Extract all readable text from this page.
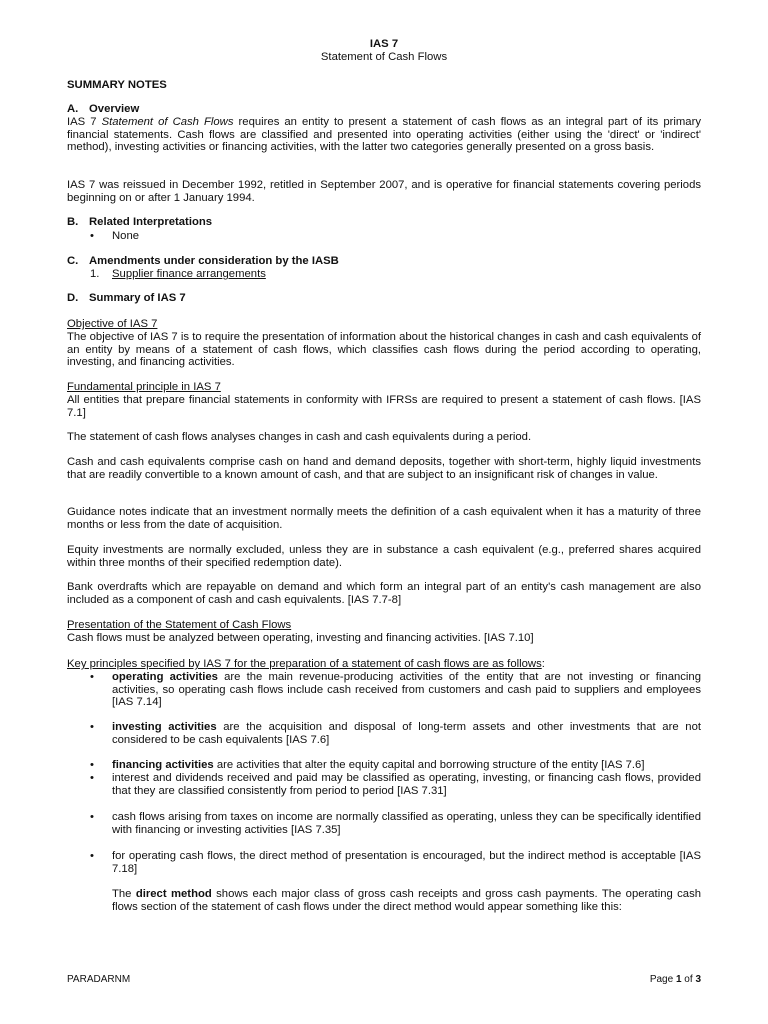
IAS 7
Statement of Cash Flows
SUMMARY NOTES
A. Overview

IAS 7 Statement of Cash Flows requires an entity to present a statement of cash flows as an integral part of its primary financial statements. Cash flows are classified and presented into operating activities (either using the 'direct' or 'indirect' method), investing activities or financing activities, with the latter two categories generally presented on a gross basis.

IAS 7 was reissued in December 1992, retitled in September 2007, and is operative for financial statements covering periods beginning on or after 1 January 1994.

B. Related Interpretations
• None
C. Amendments under consideration by the IASB
1. Supplier finance arrangements
D. Summary of IAS 7
Objective of IAS 7

The objective of IAS 7 is to require the presentation of information about the historical changes in cash and cash equivalents of an entity by means of a statement of cash flows, which classifies cash flows during the period according to operating, investing, and financing activities.

Fundamental principle in IAS 7

All entities that prepare financial statements in conformity with IFRSs are required to present a statement of cash flows. [IAS 7.1]

The statement of cash flows analyses changes in cash and cash equivalents during a period.

Cash and cash equivalents comprise cash on hand and demand deposits, together with short-term, highly liquid investments that are readily convertible to a known amount of cash, and that are subject to an insignificant risk of changes in value.

Guidance notes indicate that an investment normally meets the definition of a cash equivalent when it has a maturity of three months or less from the date of acquisition.

Equity investments are normally excluded, unless they are in substance a cash equivalent (e.g., preferred shares acquired within three months of their specified redemption date).

Bank overdrafts which are repayable on demand and which form an integral part of an entity's cash management are also included as a component of cash and cash equivalents. [IAS 7.7-8]

Presentation of the Statement of Cash Flows

Cash flows must be analyzed between operating, investing and financing activities. [IAS 7.10]

Key principles specified by IAS 7 for the preparation of a statement of cash flows are as follows:
• operating activities are the main revenue-producing activities of the entity that are not investing or financing activities, so operating cash flows include cash received from customers and cash paid to suppliers and employees [IAS 7.14]
• investing activities are the acquisition and disposal of long-term assets and other investments that are not considered to be cash equivalents [IAS 7.6]
• financing activities are activities that alter the equity capital and borrowing structure of the entity [IAS 7.6]
• interest and dividends received and paid may be classified as operating, investing, or financing cash flows, provided that they are classified consistently from period to period [IAS 7.31]
• cash flows arising from taxes on income are normally classified as operating, unless they can be specifically identified with financing or investing activities [IAS 7.35]
• for operating cash flows, the direct method of presentation is encouraged, but the indirect method is acceptable [IAS 7.18]

The direct method shows each major class of gross cash receipts and gross cash payments. The operating cash flows section of the statement of cash flows under the direct method would appear something like this:

PARADARNM	Page 1 of 3
